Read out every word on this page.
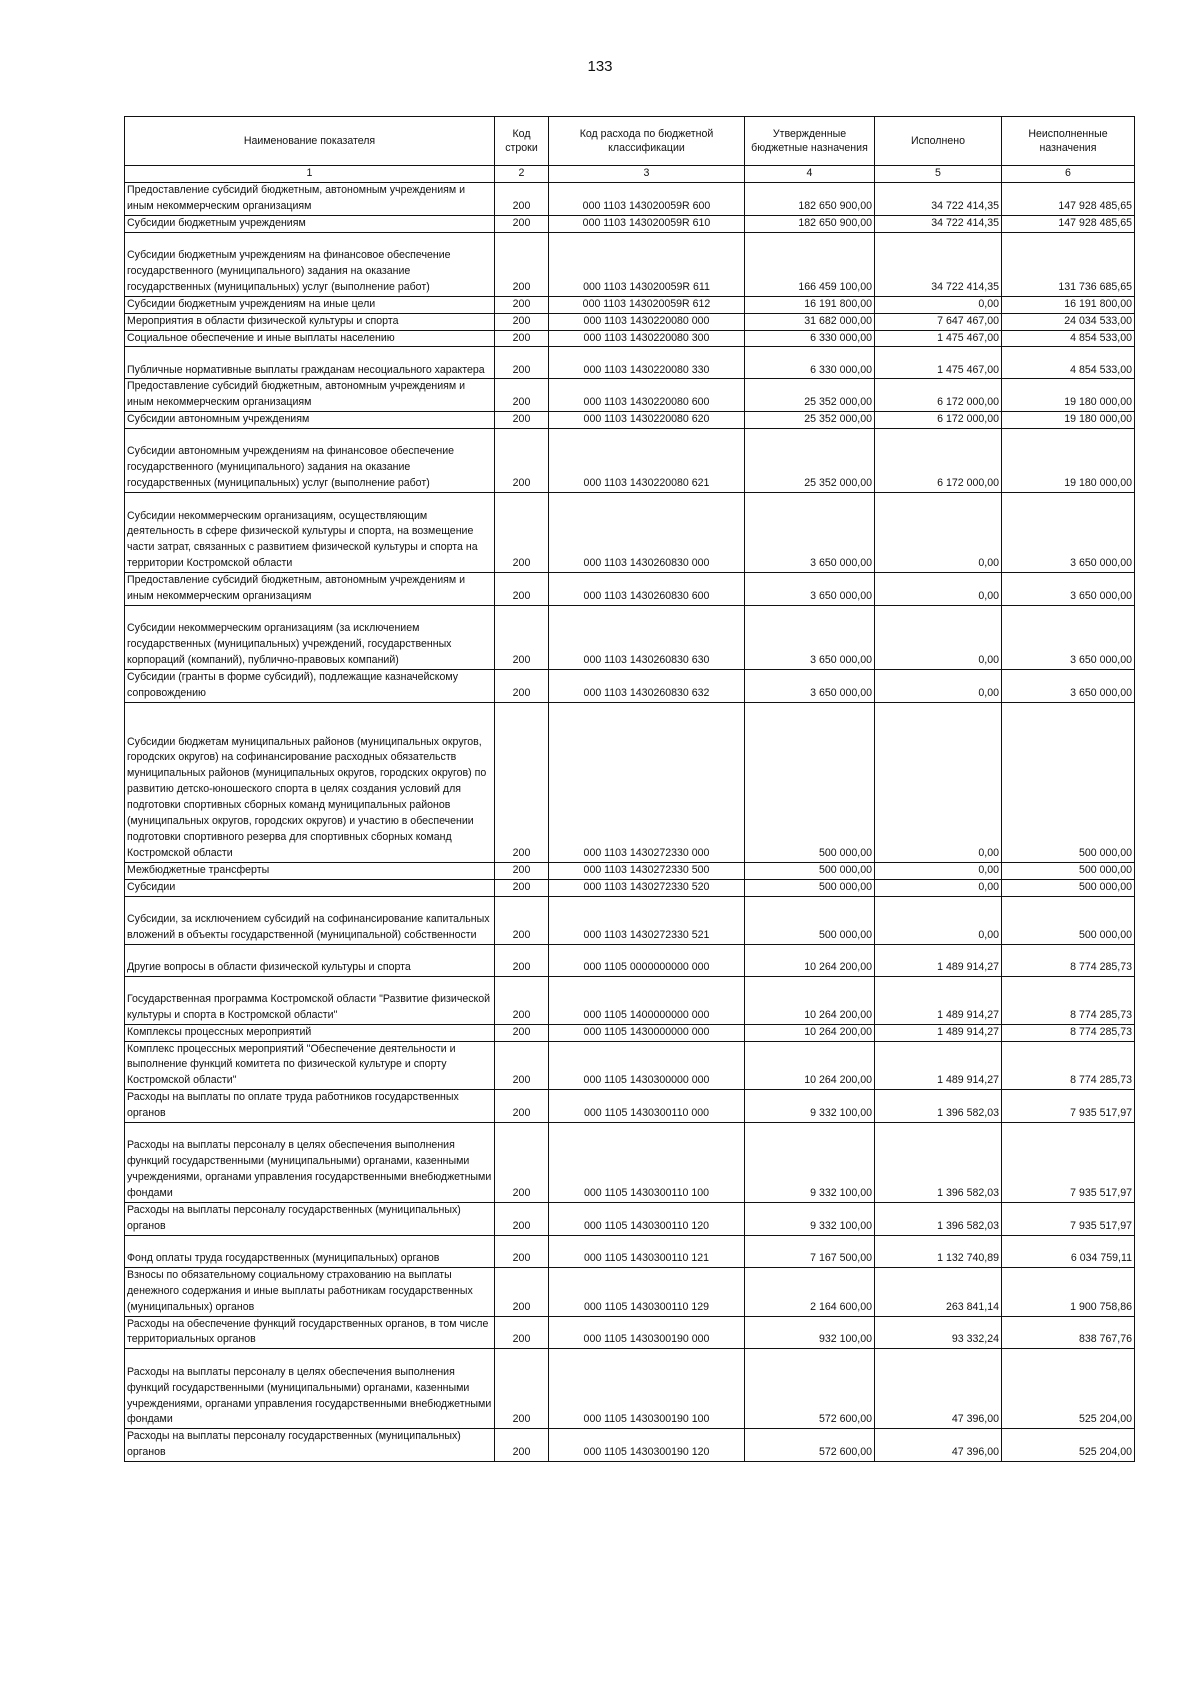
133
Наименование показателя	Код строки	Код расхода по бюджетной классификации	Утвержденные бюджетные назначения	Исполнено	Неисполненные назначения
1	2	3	4	5	6
Предоставление субсидий бюджетным, автономным учреждениям и иным некоммерческим организациям	200	000 1103 143020059R 600	182 650 900,00	34 722 414,35	147 928 485,65
Субсидии бюджетным учреждениям	200	000 1103 143020059R 610	182 650 900,00	34 722 414,35	147 928 485,65
Субсидии бюджетным учреждениям на финансовое обеспечение государственного (муниципального) задания на оказание государственных (муниципальных) услуг (выполнение работ)	200	000 1103 143020059R 611	166 459 100,00	34 722 414,35	131 736 685,65
Субсидии бюджетным учреждениям на иные цели	200	000 1103 143020059R 612	16 191 800,00	0,00	16 191 800,00
Мероприятия в области физической культуры и спорта	200	000 1103 1430220080 000	31 682 000,00	7 647 467,00	24 034 533,00
Социальное обеспечение и иные выплаты населению	200	000 1103 1430220080 300	6 330 000,00	1 475 467,00	4 854 533,00
Публичные нормативные выплаты гражданам несоциального характера	200	000 1103 1430220080 330	6 330 000,00	1 475 467,00	4 854 533,00
Предоставление субсидий бюджетным, автономным учреждениям и иным некоммерческим организациям	200	000 1103 1430220080 600	25 352 000,00	6 172 000,00	19 180 000,00
Субсидии автономным учреждениям	200	000 1103 1430220080 620	25 352 000,00	6 172 000,00	19 180 000,00
Субсидии автономным учреждениям на финансовое обеспечение государственного (муниципального) задания на оказание государственных (муниципальных) услуг (выполнение работ)	200	000 1103 1430220080 621	25 352 000,00	6 172 000,00	19 180 000,00
Субсидии некоммерческим организациям, осуществляющим деятельность в сфере физической культуры и спорта, на возмещение части затрат, связанных с развитием физической культуры и спорта на территории Костромской области	200	000 1103 1430260830 000	3 650 000,00	0,00	3 650 000,00
Предоставление субсидий бюджетным, автономным учреждениям и иным некоммерческим организациям	200	000 1103 1430260830 600	3 650 000,00	0,00	3 650 000,00
Субсидии некоммерческим организациям (за исключением государственных (муниципальных) учреждений, государственных корпораций (компаний), публично-правовых компаний)	200	000 1103 1430260830 630	3 650 000,00	0,00	3 650 000,00
Субсидии (гранты в форме субсидий), подлежащие казначейскому сопровождению	200	000 1103 1430260830 632	3 650 000,00	0,00	3 650 000,00
Субсидии бюджетам муниципальных районов (муниципальных округов, городских округов) на софинансирование расходных обязательств муниципальных районов (муниципальных округов, городских округов) по развитию детско-юношеского спорта в целях создания условий для подготовки спортивных сборных команд муниципальных районов (муниципальных округов, городских округов) и участию в обеспечении подготовки спортивного резерва для спортивных сборных команд Костромской области	200	000 1103 1430272330 000	500 000,00	0,00	500 000,00
Межбюджетные трансферты	200	000 1103 1430272330 500	500 000,00	0,00	500 000,00
Субсидии	200	000 1103 1430272330 520	500 000,00	0,00	500 000,00
Субсидии, за исключением субсидий на софинансирование капитальных вложений в объекты государственной (муниципальной) собственности	200	000 1103 1430272330 521	500 000,00	0,00	500 000,00
Другие вопросы в области физической культуры и спорта	200	000 1105 0000000000 000	10 264 200,00	1 489 914,27	8 774 285,73
Государственная программа Костромской области "Развитие физической культуры и спорта в Костромской области"	200	000 1105 1400000000 000	10 264 200,00	1 489 914,27	8 774 285,73
Комплексы процессных мероприятий	200	000 1105 1430000000 000	10 264 200,00	1 489 914,27	8 774 285,73
Комплекс процессных мероприятий "Обеспечение деятельности и выполнение функций комитета по физической культуре и спорту Костромской области"	200	000 1105 1430300000 000	10 264 200,00	1 489 914,27	8 774 285,73
Расходы на выплаты по оплате труда работников государственных органов	200	000 1105 1430300110 000	9 332 100,00	1 396 582,03	7 935 517,97
Расходы на выплаты персоналу в целях обеспечения выполнения функций государственными (муниципальными) органами, казенными учреждениями, органами управления государственными внебюджетными фондами	200	000 1105 1430300110 100	9 332 100,00	1 396 582,03	7 935 517,97
Расходы на выплаты персоналу государственных (муниципальных) органов	200	000 1105 1430300110 120	9 332 100,00	1 396 582,03	7 935 517,97
Фонд оплаты труда государственных (муниципальных) органов	200	000 1105 1430300110 121	7 167 500,00	1 132 740,89	6 034 759,11
Взносы по обязательному социальному страхованию на выплаты денежного содержания и иные выплаты работникам государственных (муниципальных) органов	200	000 1105 1430300110 129	2 164 600,00	263 841,14	1 900 758,86
Расходы на обеспечение функций государственных органов, в том числе территориальных органов	200	000 1105 1430300190 000	932 100,00	93 332,24	838 767,76
Расходы на выплаты персоналу в целях обеспечения выполнения функций государственными (муниципальными) органами, казенными учреждениями, органами управления государственными внебюджетными фондами	200	000 1105 1430300190 100	572 600,00	47 396,00	525 204,00
Расходы на выплаты персоналу государственных (муниципальных) органов	200	000 1105 1430300190 120	572 600,00	47 396,00	525 204,00
